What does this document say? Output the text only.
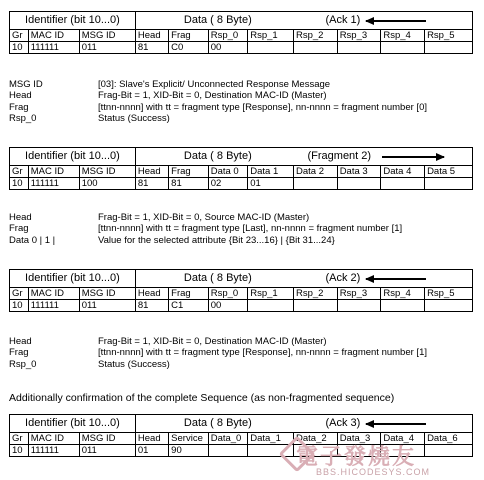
Identifier (bit 10...0)			Data ( 8 Byte)				(Ack 1)			

Gr	MAC ID	MSG ID	Head	Frag	Rsp_0	Rsp_1	Rsp_2	Rsp_3	Rsp_4	Rsp_5
10	111111	011	81	C0	00					
MSG ID	[03]: Slave's Explicit/ Unconnected Response Message
Head	Frag-Bit = 1, XID-Bit = 0, Destination MAC-ID (Master)
Frag	[ttnn-nnnn] with tt = fragment type [Response], nn-nnnn = fragment number [0]
Rsp_0	Status (Success)
Identifier (bit 10...0)			Data ( 8 Byte)				(Fragment 2)			

Gr	MAC ID	MSG ID	Head	Frag	Data 0	Data 1	Data 2	Data 3	Data 4	Data 5
10	111111	100	81	81	02	01				
Head	Frag-Bit = 1, XID-Bit = 0, Source MAC-ID (Master)
Frag	[ttnn-nnnn] with tt = fragment type [Last], nn-nnnn = fragment number [1]
Data 0 | 1 |	Value for the selected attribute {Bit 23...16} | {Bit 31...24}
Identifier (bit 10...0)			Data ( 8 Byte)				(Ack 2)			

Gr	MAC ID	MSG ID	Head	Frag	Rsp_0	Rsp_1	Rsp_2	Rsp_3	Rsp_4	Rsp_5
10	111111	011	81	C1	00					
Head	Frag-Bit = 1, XID-Bit = 0, Destination MAC-ID (Master)
Frag	[ttnn-nnnn] with tt = fragment type [Response], nn-nnnn = fragment number [1]
Rsp_0	Status (Success)
Additionally confirmation of the complete Sequence (as non-fragmented sequence)
Identifier (bit 10...0)			Data ( 8 Byte)				(Ack 3)			

Gr	MAC ID	MSG ID	Head	Service	Data_0	Data_1	Data_2	Data_3	Data_4	Data_6
10	111111	011	01	90							電子發燒友
BBS.HICODESYS.COM
